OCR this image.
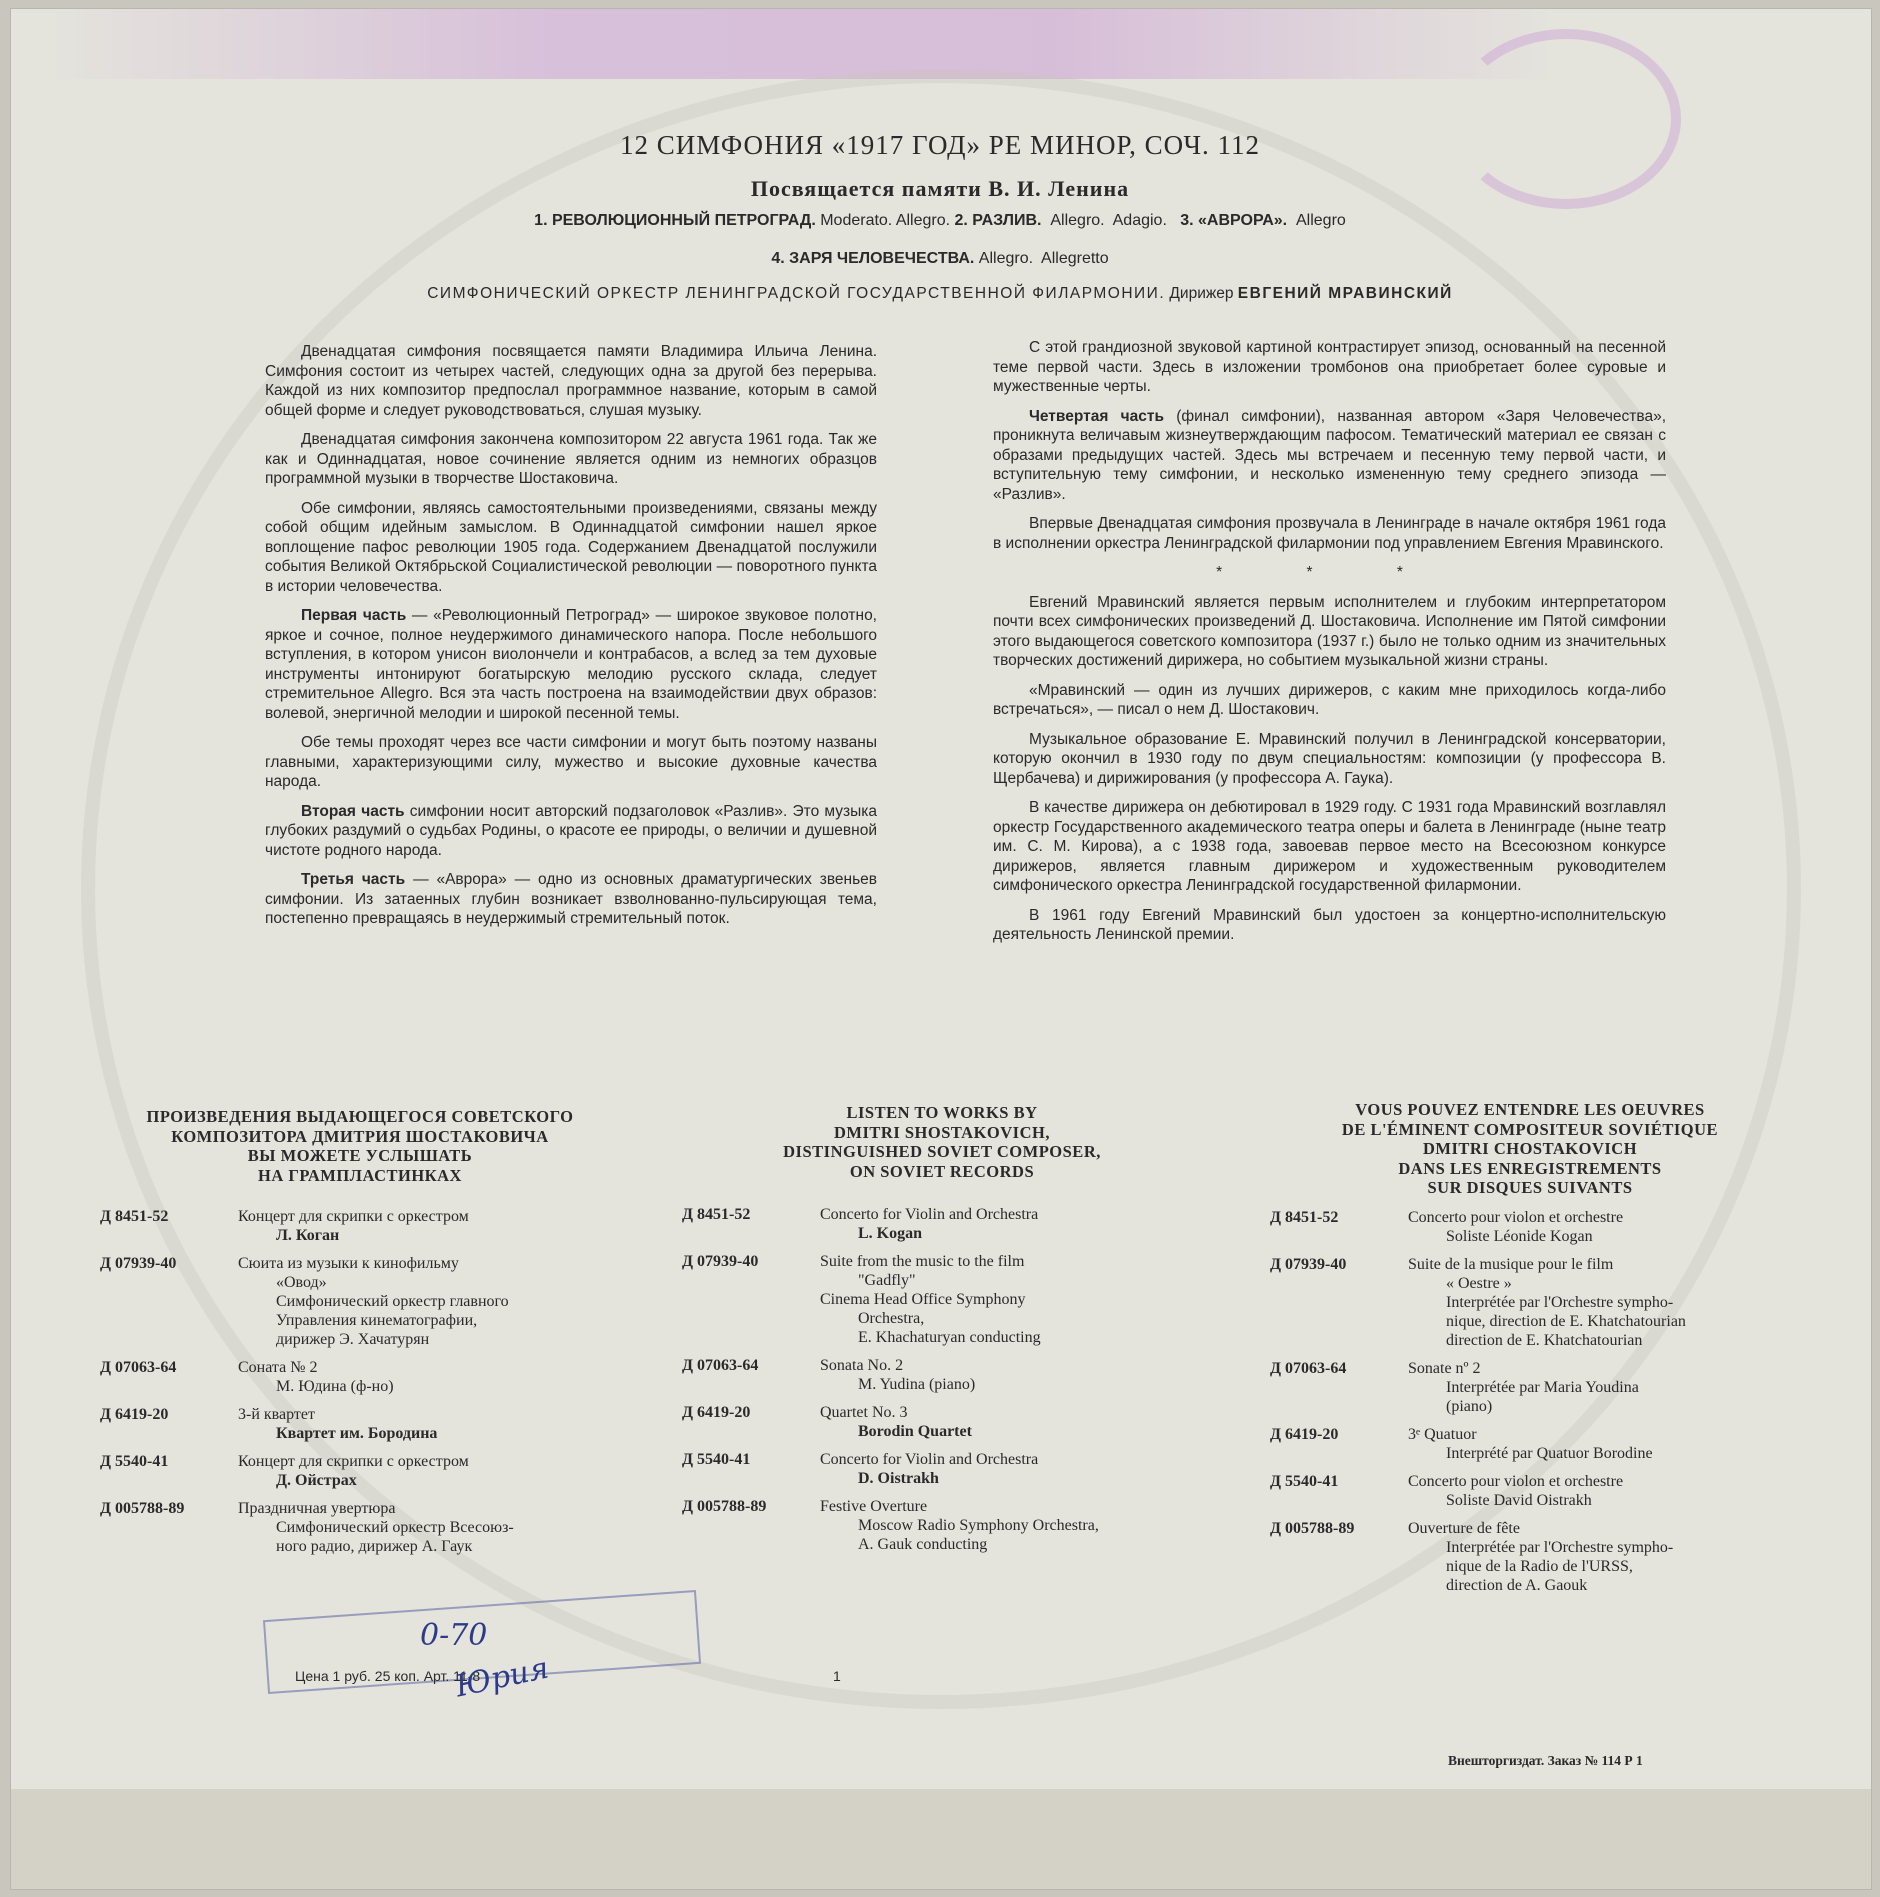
12 СИМФОНИЯ «1917 ГОД» РЕ МИНОР, СОЧ. 112
Посвящается памяти В. И. Ленина
1. РЕВОЛЮЦИОННЫЙ ПЕТРОГРАД. Moderato. Allegro. 2. РАЗЛИВ.  Allegro.  Adagio.   3. «АВРОРА».  Allegro
4. ЗАРЯ ЧЕЛОВЕЧЕСТВА. Allegro.  Allegretto
СИМФОНИЧЕСКИЙ ОРКЕСТР ЛЕНИНГРАДСКОЙ ГОСУДАРСТВЕННОЙ ФИЛАРМОНИИ. Дирижер ЕВГЕНИЙ МРАВИНСКИЙ

Двенадцатая симфония посвящается памяти Владимира Ильича Ленина. Симфония состоит из четырех частей, следующих одна за другой без перерыва. Каждой из них композитор предпослал программное название, которым в самой общей форме и следует руководствоваться, слушая музыку.

Двенадцатая симфония закончена композитором 22 августа 1961 года. Так же как и Одиннадцатая, новое сочинение является одним из немногих образцов программной музыки в творчестве Шостаковича.

Обе симфонии, являясь самостоятельными произведениями, связаны между собой общим идейным замыслом. В Одиннадцатой симфонии нашел яркое воплощение пафос революции 1905 года. Содержанием Двенадцатой послужили события Великой Октябрьской Социалистической революции — поворотного пункта в истории человечества.

Первая часть — «Революционный Петроград» — широкое звуковое полотно, яркое и сочное, полное неудержимого динамического напора. После небольшого вступления, в котором унисон виолончели и контрабасов, а вслед за тем духовые инструменты интонируют богатырскую мелодию русского склада, следует стремительное Allegro. Вся эта часть построена на взаимодействии двух образов: волевой, энергичной мелодии и широкой песенной темы.

Обе темы проходят через все части симфонии и могут быть поэтому названы главными, характеризующими силу, мужество и высокие духовные качества народа.

Вторая часть симфонии носит авторский подзаголовок «Разлив». Это музыка глубоких раздумий о судьбах Родины, о красоте ее природы, о величии и душевной чистоте родного народа.

Третья часть — «Аврора» — одно из основных драматургических звеньев симфонии. Из затаенных глубин возникает взволнованно-пульсирующая тема, постепенно превращаясь в неудержимый стремительный поток.

С этой грандиозной звуковой картиной контрастирует эпизод, основанный на песенной теме первой части. Здесь в изложении тромбонов она приобретает более суровые и мужественные черты.

Четвертая часть (финал симфонии), названная автором «Заря Человечества», проникнута величавым жизнеутверждающим пафосом. Тематический материал ее связан с образами предыдущих частей. Здесь мы встречаем и песенную тему первой части, и вступительную тему симфонии, и несколько измененную тему среднего эпизода — «Разлив».

Впервые Двенадцатая симфония прозвучала в Ленинграде в начале октября 1961 года в исполнении оркестра Ленинградской филармонии под управлением Евгения Мравинского.

* * *

Евгений Мравинский является первым исполнителем и глубоким интерпретатором почти всех симфонических произведений Д. Шостаковича. Исполнение им Пятой симфонии этого выдающегося советского композитора (1937 г.) было не только одним из значительных творческих достижений дирижера, но событием музыкальной жизни страны.

«Мравинский — один из лучших дирижеров, с каким мне приходилось когда-либо встречаться», — писал о нем Д. Шостакович.

Музыкальное образование Е. Мравинский получил в Ленинградской консерватории, которую окончил в 1930 году по двум специальностям: композиции (у профессора В. Щербачева) и дирижирования (у профессора А. Гаука).

В качестве дирижера он дебютировал в 1929 году. С 1931 года Мравинский возглавлял оркестр Государственного академического театра оперы и балета в Ленинграде (ныне театр им. С. М. Кирова), а с 1938 года, завоевав первое место на Всесоюзном конкурсе дирижеров, является главным дирижером и художественным руководителем симфонического оркестра Ленинградской государственной филармонии.

В 1961 году Евгений Мравинский был удостоен за концертно-исполнительскую деятельность Ленинской премии.

ПРОИЗВЕДЕНИЯ ВЫДАЮЩЕГОСЯ СОВЕТСКОГО
КОМПОЗИТОРА ДМИТРИЯ ШОСТАКОВИЧА
ВЫ МОЖЕТЕ УСЛЫШАТЬ
НА ГРАМПЛАСТИНКАХ
Д 8451-52	Концерт для скрипки с оркестром
Л. Коган
Д 07939-40	Сюита из музыки к кинофильму
«Овод»
Симфонический оркестр главного
Управления кинематографии,
дирижер Э. Хачатурян
Д 07063-64	Соната № 2
М. Юдина (ф-но)
Д 6419-20	3-й квартет
Квартет им. Бородина
Д 5540-41	Концерт для скрипки с оркестром
Д. Ойстрах
Д 005788-89	Праздничная увертюра
Симфонический оркестр Всесоюз-
ного радио, дирижер А. Гаук
LISTEN TO WORKS BY
DMITRI SHOSTAKOVICH,
DISTINGUISHED SOVIET COMPOSER,
ON SOVIET RECORDS
Д 8451-52	Concerto for Violin and Orchestra
L. Kogan
Д 07939-40	Suite from the music to the film
"Gadfly"
Cinema Head Office Symphony
Orchestra,
E. Khachaturyan conducting
Д 07063-64	Sonata No. 2
M. Yudina (piano)
Д 6419-20	Quartet No. 3
Borodin Quartet
Д 5540-41	Concerto for Violin and Orchestra
D. Oistrakh
Д 005788-89	Festive Overture
Moscow Radio Symphony Orchestra,
A. Gauk conducting
VOUS POUVEZ ENTENDRE LES OEUVRES
DE L'ÉMINENT COMPOSITEUR SOVIÉTIQUE
DMITRI CHOSTAKOVICH
DANS LES ENREGISTREMENTS
SUR DISQUES SUIVANTS
Д 8451-52	Concerto pour violon et orchestre
Soliste Léonide Kogan
Д 07939-40	Suite de la musique pour le film
« Oestre »
Interprétée par l'Orchestre sympho-
nique, direction de E. Khatchatourian
direction de E. Khatchatourian
Д 07063-64	Sonate nº 2
Interprétée par Maria Youdina
(piano)
Д 6419-20	3ᵉ Quatuor
Interprété par Quatuor Borodine
Д 5540-41	Concerto pour violon et orchestre
Soliste David Oistrakh
Д 005788-89	Ouverture de fête
Interprétée par l'Orchestre sympho-
nique de la Radio de l'URSS,
direction de A. Gaouk
Цена 1 руб. 25 коп. Арт. 11-8	1
0-70
Юрия
Внешторгиздат. Заказ № 114 Р 1
